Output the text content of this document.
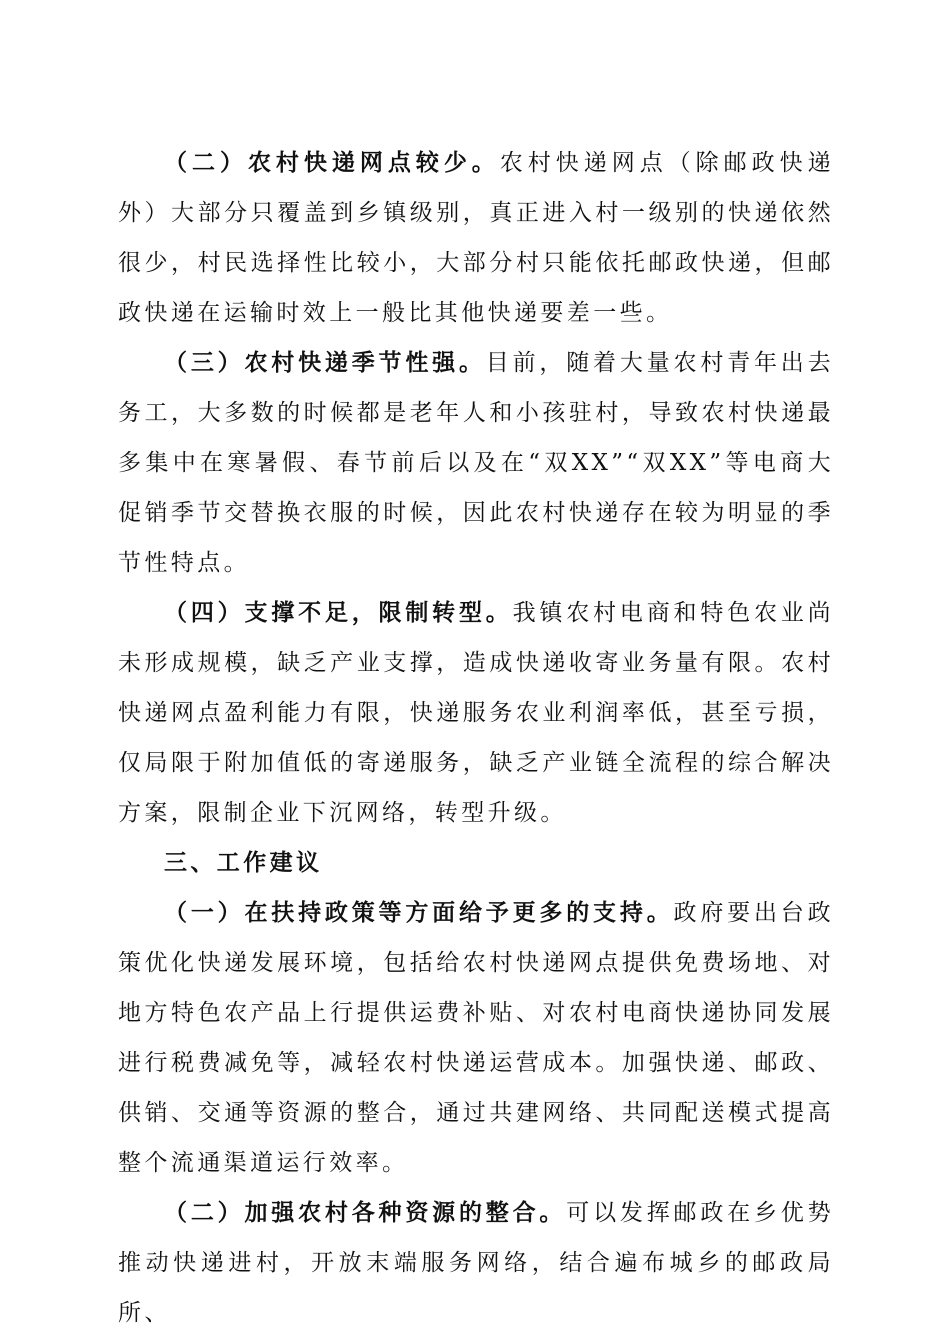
（二）农村快递网点较少。农村快递网点（除邮政快递外）大部分只覆盖到乡镇级别，真正进入村一级别的快递依然很少，村民选择性比较小，大部分村只能依托邮政快递，但邮政快递在运输时效上一般比其他快递要差一些。

（三）农村快递季节性强。目前，随着大量农村青年出去务工，大多数的时候都是老年人和小孩驻村，导致农村快递最多集中在寒暑假、春节前后以及在“双XX”“双XX”等电商大促销季节交替换衣服的时候，因此农村快递存在较为明显的季节性特点。

（四）支撑不足，限制转型。我镇农村电商和特色农业尚未形成规模，缺乏产业支撑，造成快递收寄业务量有限。农村快递网点盈利能力有限，快递服务农业利润率低，甚至亏损，仅局限于附加值低的寄递服务，缺乏产业链全流程的综合解决方案，限制企业下沉网络，转型升级。

三、工作建议

（一）在扶持政策等方面给予更多的支持。政府要出台政策优化快递发展环境，包括给农村快递网点提供免费场地、对地方特色农产品上行提供运费补贴、对农村电商快递协同发展进行税费减免等，减轻农村快递运营成本。加强快递、邮政、供销、交通等资源的整合，通过共建网络、共同配送模式提高整个流通渠道运行效率。

（二）加强农村各种资源的整合。可以发挥邮政在乡优势推动快递进村，开放末端服务网络，结合遍布城乡的邮政局所、
